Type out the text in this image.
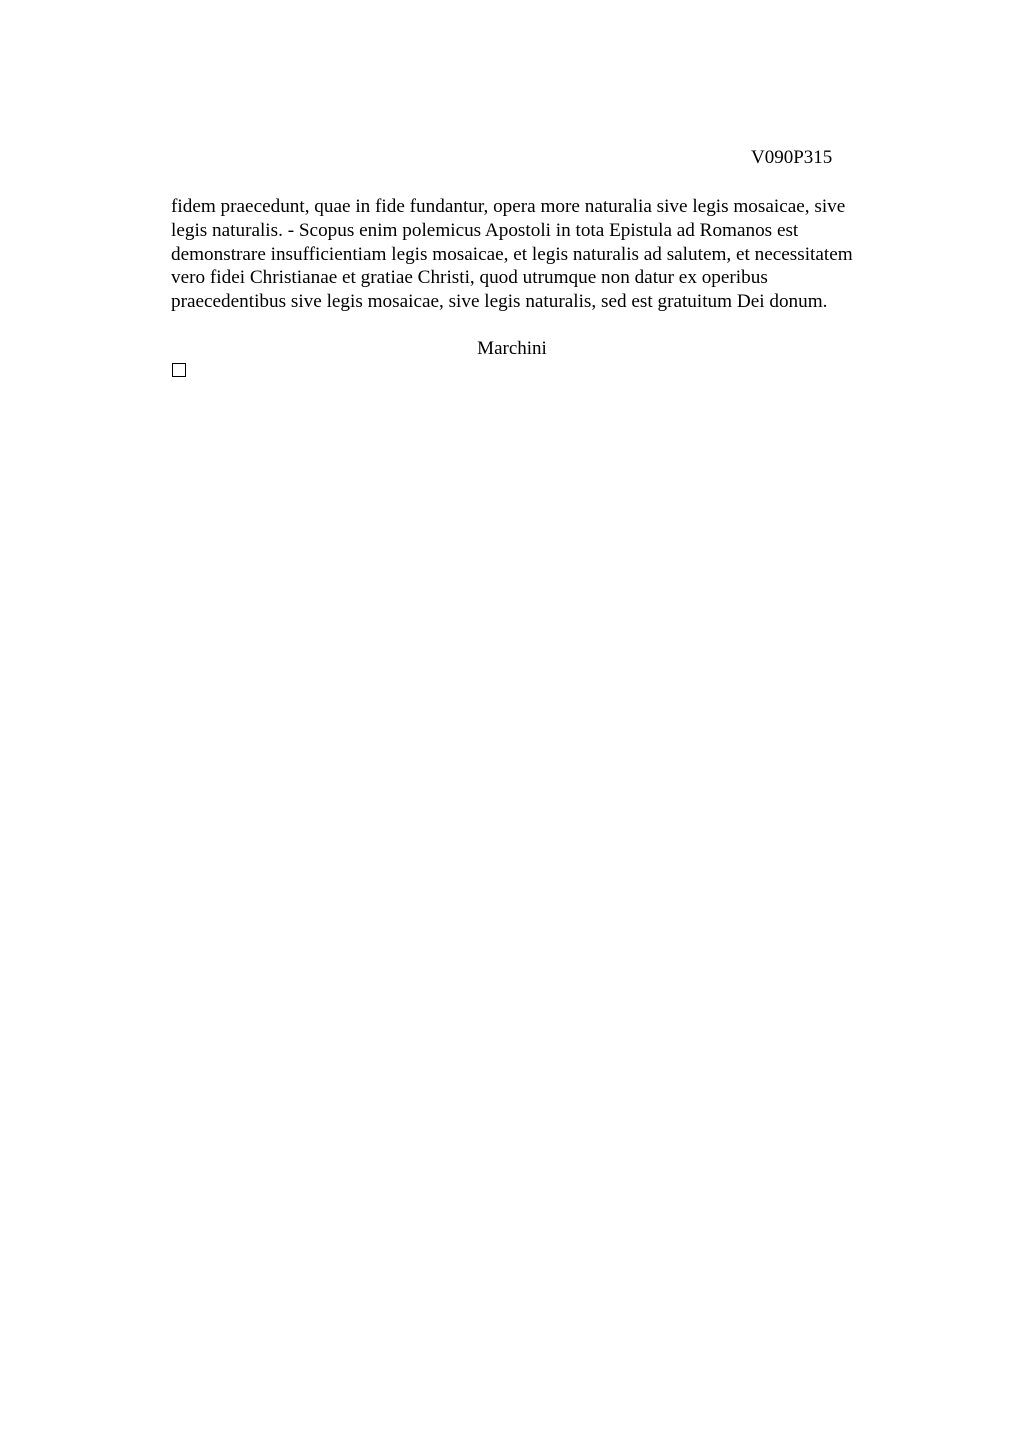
V090P315
fidem praecedunt, quae in fide fundantur, opera more naturalia sive legis mosaicae, sive
legis naturalis. - Scopus enim polemicus Apostoli in tota Epistula ad Romanos est
demonstrare insufficientiam legis mosaicae, et legis naturalis ad salutem, et necessitatem
vero fidei Christianae et gratiae Christi, quod utrumque non datur ex operibus
praecedentibus sive legis mosaicae, sive legis naturalis, sed est gratuitum Dei donum.
Marchini
